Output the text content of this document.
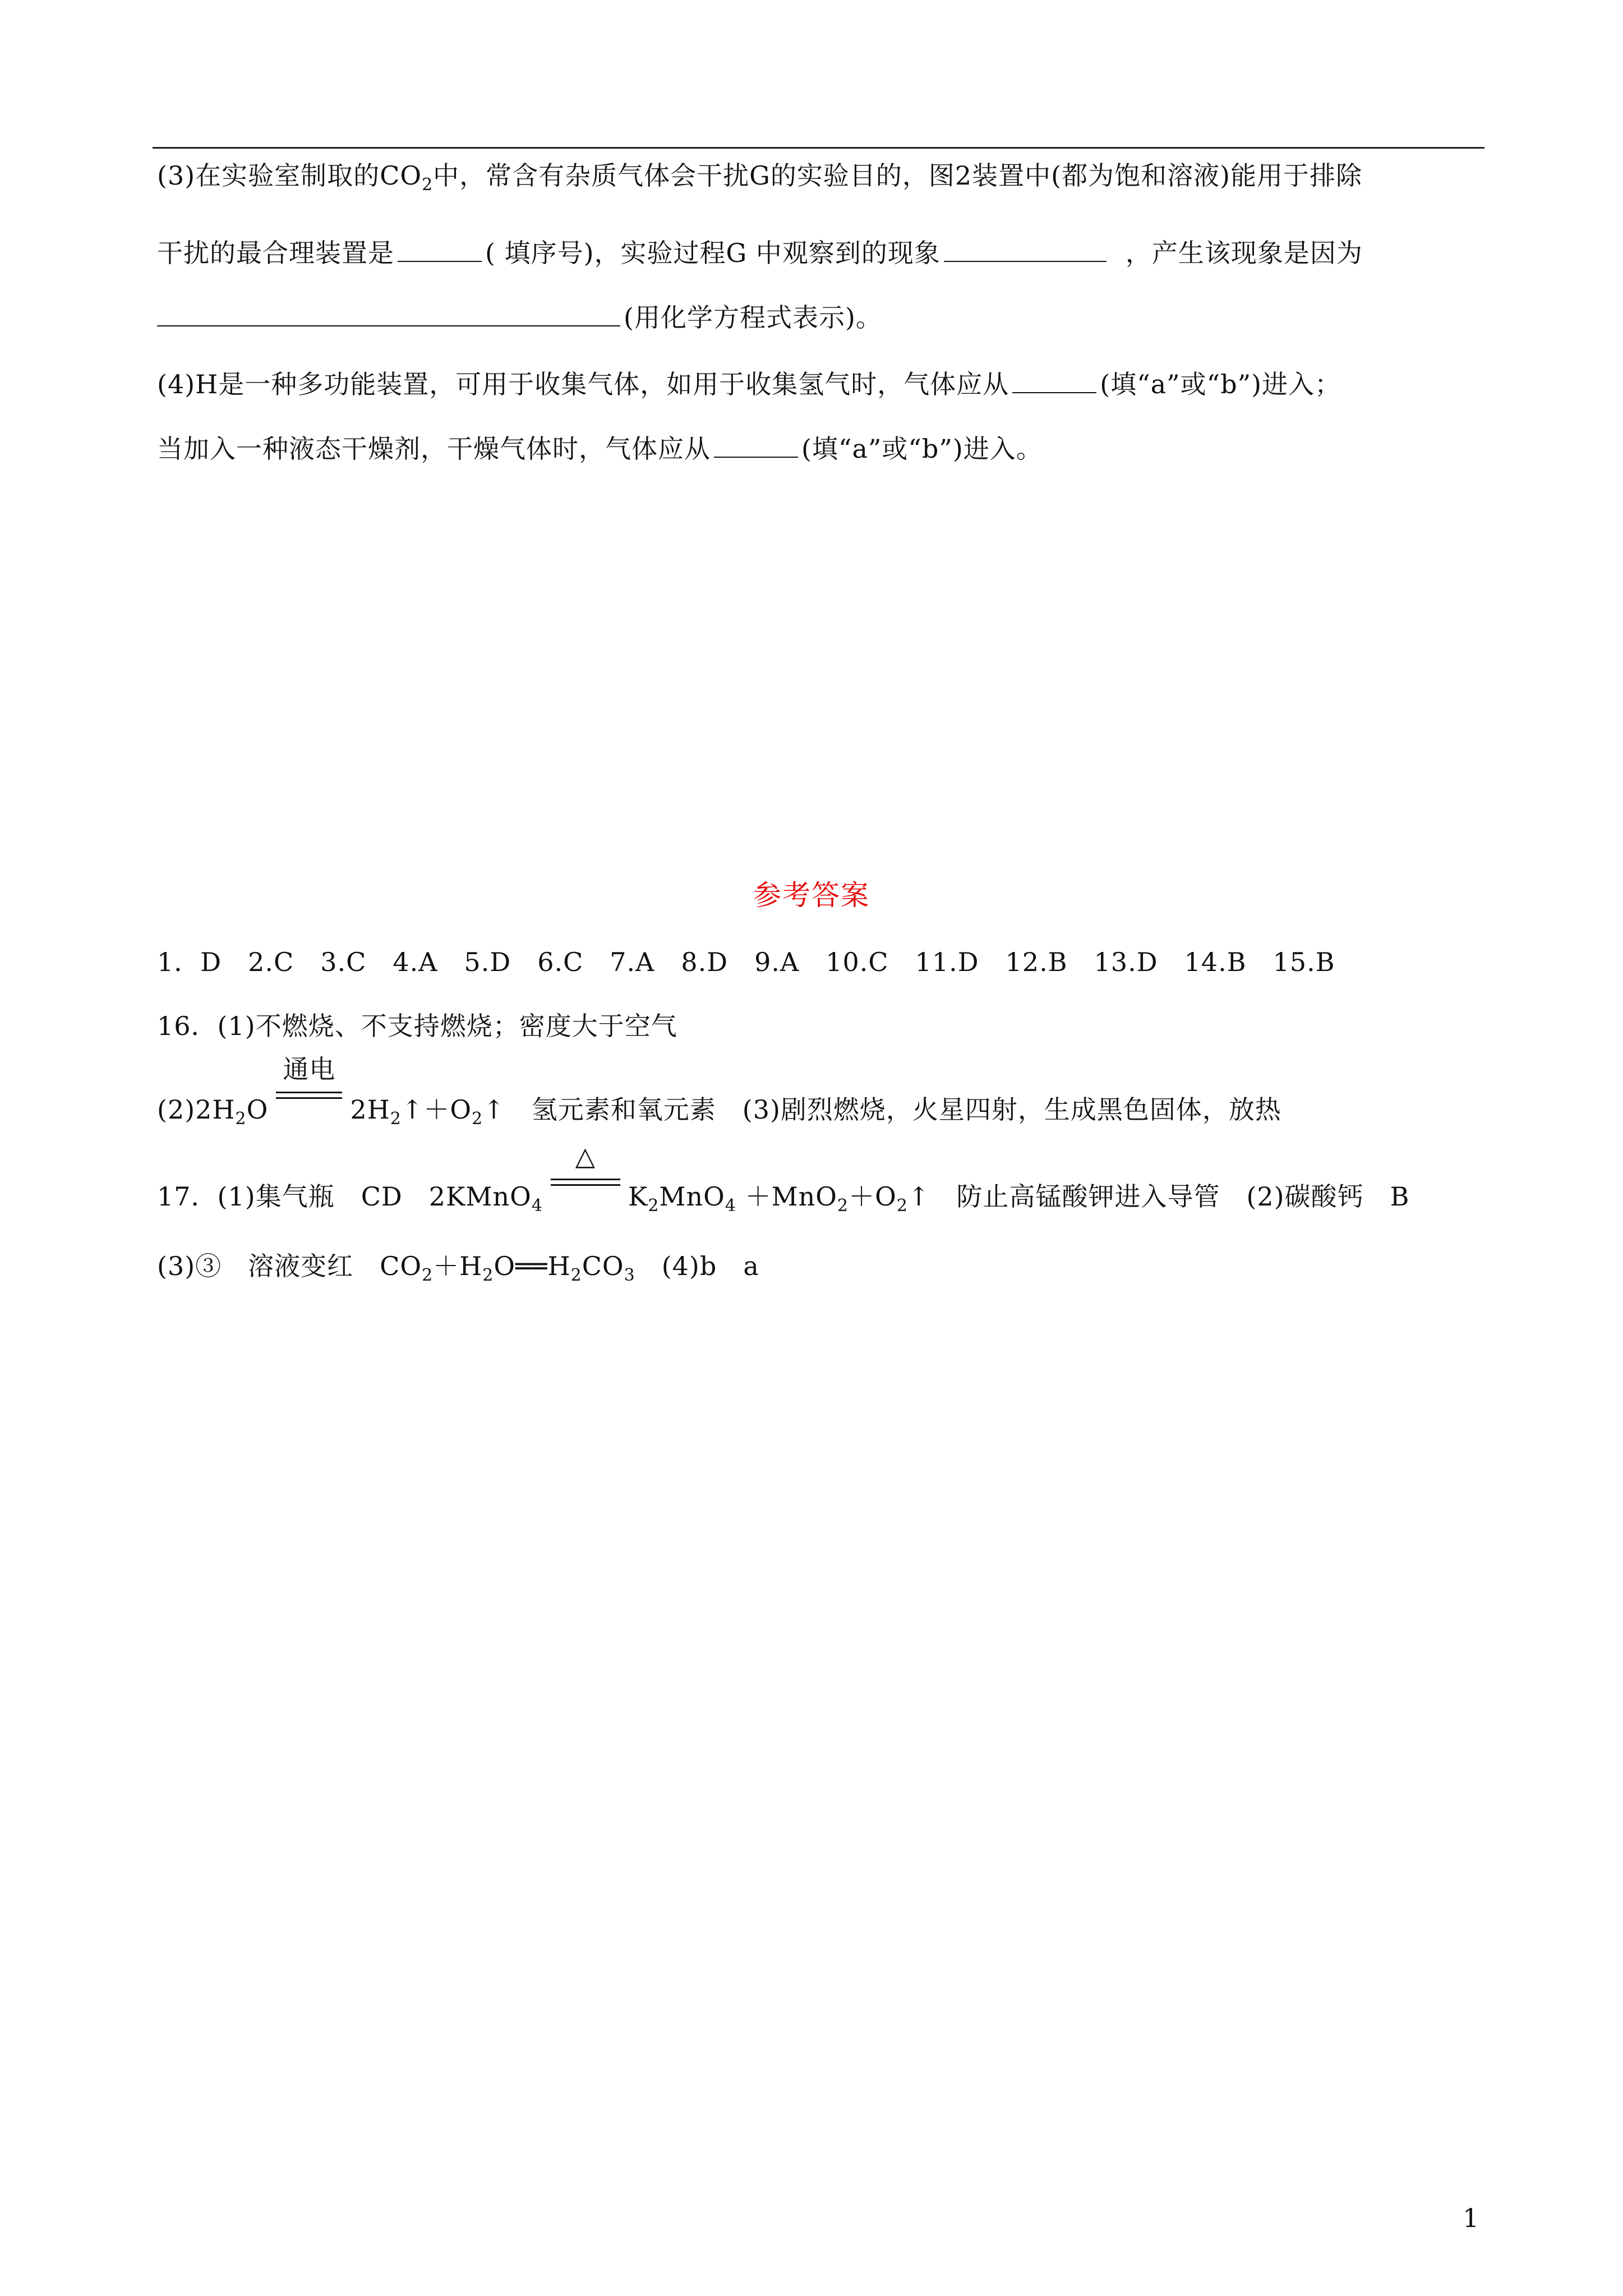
(3)在实验室制取的$CO_2$中，常含有杂质气体会干扰G的实验目的，图2装置中(都为饱和溶液)能用于排除
干扰的最合理装置是	( 填序号)，实验过程G 中观察到的现象	，产生该现象是因为
(用化学方程式表示)。
(4)H是一种多功能装置，可用于收集气体，如用于收集氢气时，气体应从	(填“a”或“b”)进入；
当加入一种液态干燥剂，干燥气体时，气体应从	(填“a”或“b”)进入。
参考答案
1．D　2.C　3.C　4.A　5.D　6.C　7.A　8.D　9.A　10.C　11.D　12.B　13.D　14.B　15.B
16．(1)不燃烧、不支持燃烧；密度大于空气
$(2)2H_2O$
通电
$2H_2↑+O_2↑$　氢元素和氧元素　(3)剧烈燃烧，火星四射，生成黑色固体，放热
17．(1)集气瓶　CD　2KMnO$_4$
△
$K_2MnO_4$ $+MnO_2+O_2↑$　防止高锰酸钾进入导管　(2)碳酸钙　B
(3)③　溶液变红　$CO_2+H_2O══H_2CO_3$　(4)b　a
1
